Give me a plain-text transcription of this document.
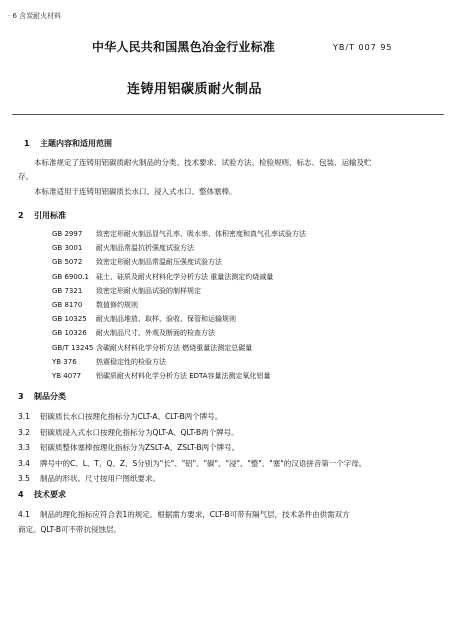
· 6 含炭耐火材料
中华人民共和国黑色冶金行业标准	YB/T 007 95
连铸用铝碳质耐火制品
1 主题内容和适用范围
本标准规定了连铸用铝碳质耐火制品的分类、技术要求、试验方法、检验规则、标志、包装、运输及贮
存。
本标准适用于连铸用铝碳质长水口、浸入式水口、整体塞棒。
2 引用标准
GB 2997 致密定形耐火制品显气孔率、吸水率、体积密度和真气孔率试验方法
GB 3001 耐火制品常温抗折强度试验方法
GB 5072 致密定形耐火制品常温耐压强度试验方法
GB 6900.1 硅土、硅质及耐火材料化学分析方法 重量法测定灼烧减量
GB 7321 致密定形耐火制品试验的制样规定
GB 8170 数值修约规则
GB 10325 耐火制品堆放、取样、验收、保管和运输规则
GB 10326 耐火制品尺寸、外观及断面的检查方法
GB/T 13245 含碳耐火材料化学分析方法 燃烧重量法测定总碳量
YB 376	热震稳定性的检验方法
YB 4077 铝碳质耐火材料化学分析方法 EDTA容量法测定氧化铝量
3 制品分类
3.1 铝碳质长水口按理化指标分为CLT-A、CLT-B两个牌号。
3.2 铝碳质浸入式水口按理化指标分为QLT-A、QLT-B两个牌号。
3.3 铝碳质整体塞棒按理化指标分为ZSLT-A、ZSLT-B两个牌号。
3.4 牌号中的C、L、T、Q、Z、S分别为"长"、"铝"、"碳"、"浸"、"整"、"塞"的汉语拼音第一个字母。
3.5 制品的形状、尺寸按用户图纸要求。
4 技术要求
4.1 制品的理化指标应符合表1的规定。根据需方要求，CLT-B可带有隔气层，技术条件由供需双方
商定。QLT-B可不带抗侵蚀层。
